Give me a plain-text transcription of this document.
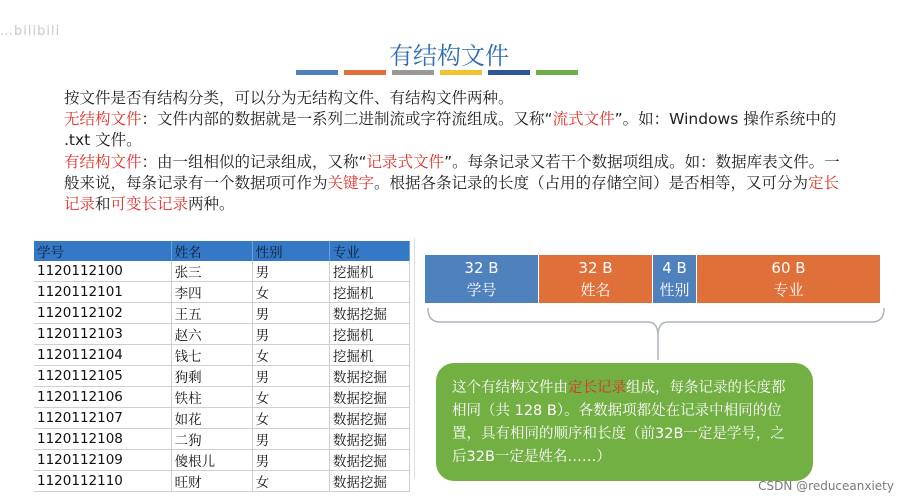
…bilibili
有结构文件
按文件是否有结构分类，可以分为无结构文件、有结构文件两种。
无结构文件：文件内部的数据就是一系列二进制流或字符流组成。又称“流式文件”。如：Windows 操作系统中的 .txt 文件。
有结构文件：由一组相似的记录组成，又称“记录式文件”。每条记录又若干个数据项组成。如：数据库表文件。一般来说，每条记录有一个数据项可作为关键字。根据各条记录的长度（占用的存储空间）是否相等，又可分为定长记录和可变长记录两种。
学号	姓名	性别	专业
1120112100	张三	男	挖掘机
1120112101	李四	女	挖掘机
1120112102	王五	男	数据挖掘
1120112103	赵六	男	挖掘机
1120112104	钱七	女	挖掘机
1120112105	狗剩	男	数据挖掘
1120112106	铁柱	女	数据挖掘
1120112107	如花	女	数据挖掘
1120112108	二狗	男	数据挖掘
1120112109	傻根儿	男	数据挖掘
1120112110	旺财	女	数据挖掘
32 B
学号
32 B
姓名
4 B
性别
60 B
专业
这个有结构文件由定长记录组成，每条记录的长度都相同（共 128 B）。各数据项都处在记录中相同的位置，具有相同的顺序和长度（前32B一定是学号，之后32B一定是姓名……）
CSDN @reduceanxiety
